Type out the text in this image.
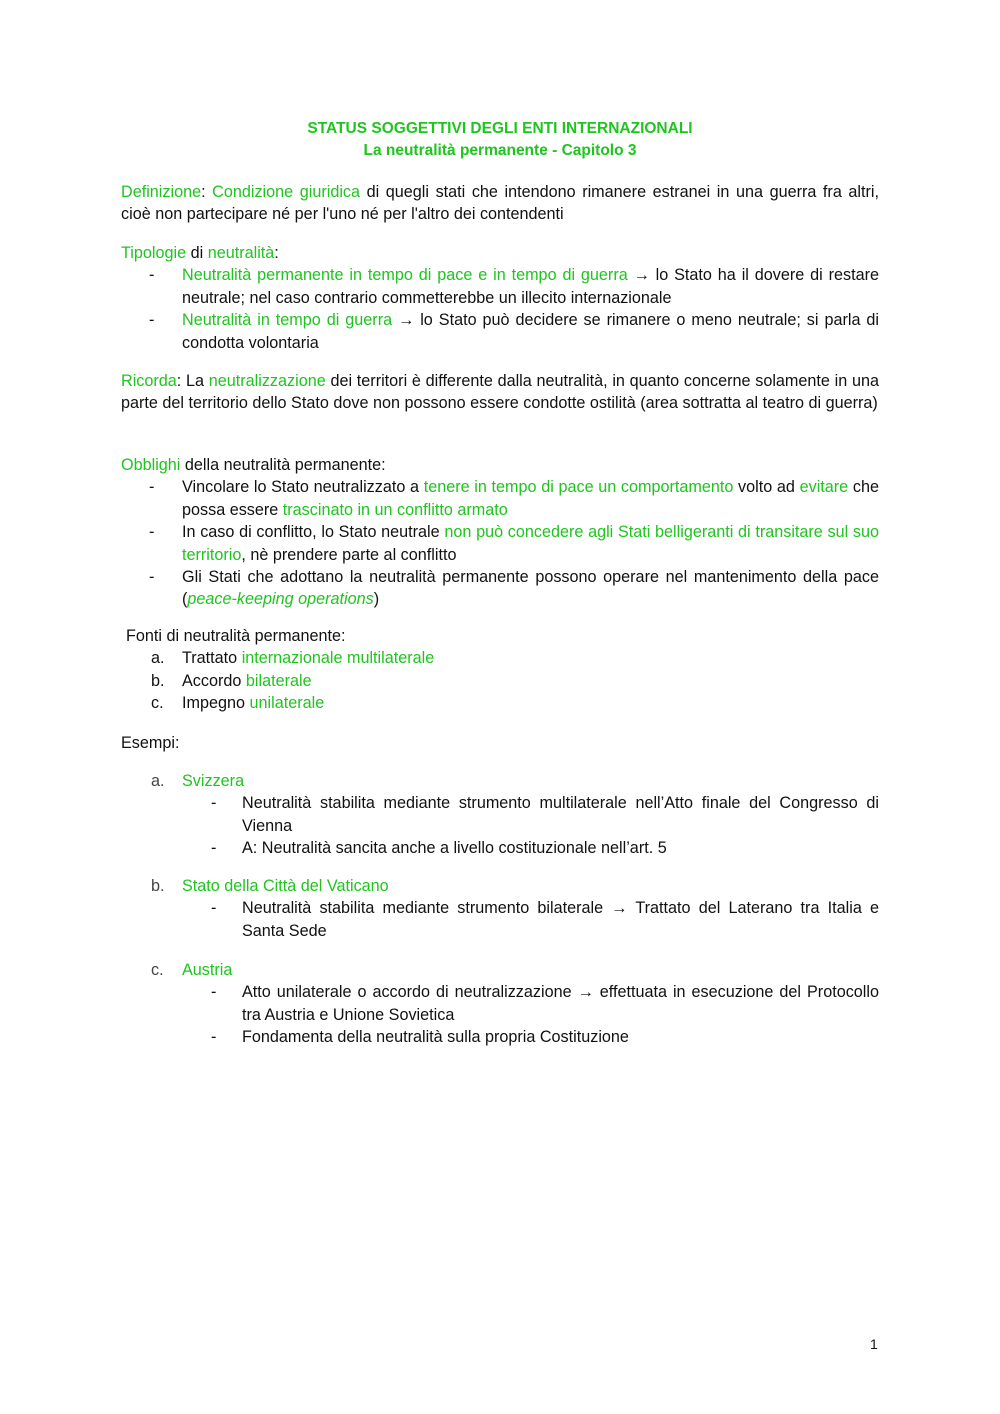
STATUS SOGGETTIVI DEGLI ENTI INTERNAZIONALI
La neutralità permanente - Capitolo 3

Definizione: Condizione giuridica di quegli stati che intendono rimanere estranei in una guerra fra altri, cioè non partecipare né per l'uno né per l'altro dei contendenti

Tipologie di neutralità:

- Neutralità permanente in tempo di pace e in tempo di guerra → lo Stato ha il dovere di restare neutrale; nel caso contrario commetterebbe un illecito internazionale
- Neutralità in tempo di guerra → lo Stato può decidere se rimanere o meno neutrale; si parla di condotta volontaria

Ricorda: La neutralizzazione dei territori è differente dalla neutralità, in quanto concerne solamente in una parte del territorio dello Stato dove non possono essere condotte ostilità (area sottratta al teatro di guerra)

Obblighi della neutralità permanente:

- Vincolare lo Stato neutralizzato a tenere in tempo di pace un comportamento volto ad evitare che possa essere trascinato in un conflitto armato
- In caso di conflitto, lo Stato neutrale non può concedere agli Stati belligeranti di transitare sul suo territorio, nè prendere parte al conflitto
- Gli Stati che adottano la neutralità permanente possono operare nel mantenimento della pace (peace-keeping operations)

Fonti di neutralità permanente:

a. Trattato internazionale multilaterale
b. Accordo bilaterale
c. Impegno unilaterale

Esempi:

a. Svizzera
- Neutralità stabilita mediante strumento multilaterale nell’Atto finale del Congresso di Vienna
- A: Neutralità sancita anche a livello costituzionale nell’art. 5
b. Stato della Città del Vaticano
- Neutralità stabilita mediante strumento bilaterale → Trattato del Laterano tra Italia e Santa Sede
c. Austria
- Atto unilaterale o accordo di neutralizzazione → effettuata in esecuzione del Protocollo tra Austria e Unione Sovietica
- Fondamenta della neutralità sulla propria Costituzione
1
